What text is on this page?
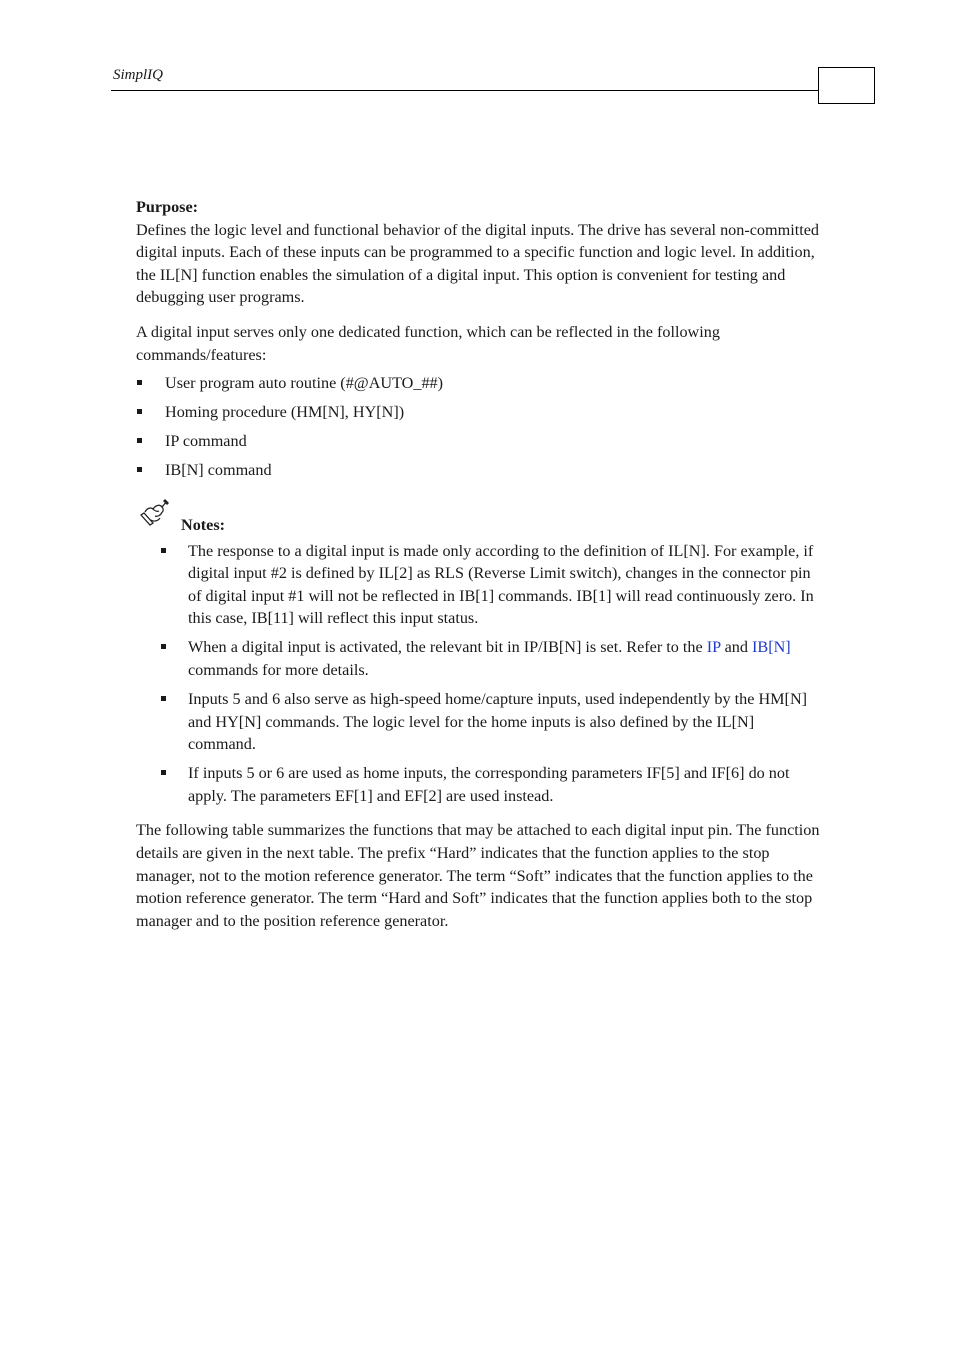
SimplIQ

Purpose:

Defines the logic level and functional behavior of the digital inputs. The drive has several non-committed digital inputs. Each of these inputs can be programmed to a specific function and logic level. In addition, the IL[N] function enables the simulation of a digital input. This option is convenient for testing and debugging user programs.

A digital input serves only one dedicated function, which can be reflected in the following commands/features:

User program auto routine (#@AUTO_##)
Homing procedure (HM[N], HY[N])
IP command
IB[N] command
Notes:
The response to a digital input is made only according to the definition of IL[N]. For example, if digital input #2 is defined by IL[2] as RLS (Reverse Limit switch), changes in the connector pin of digital input #1 will not be reflected in IB[1] commands. IB[1] will read continuously zero. In this case, IB[11] will reflect this input status.
When a digital input is activated, the relevant bit in IP/IB[N] is set. Refer to the IP and IB[N] commands for more details.
Inputs 5 and 6 also serve as high-speed home/capture inputs, used independently by the HM[N] and HY[N] commands. The logic level for the home inputs is also defined by the IL[N] command.
If inputs 5 or 6 are used as home inputs, the corresponding parameters IF[5] and IF[6] do not apply. The parameters EF[1] and EF[2] are used instead.

The following table summarizes the functions that may be attached to each digital input pin. The function details are given in the next table. The prefix “Hard” indicates that the function applies to the stop manager, not to the motion reference generator. The term “Soft” indicates that the function applies to the motion reference generator. The term “Hard and Soft” indicates that the function applies both to the stop manager and to the position reference generator.
